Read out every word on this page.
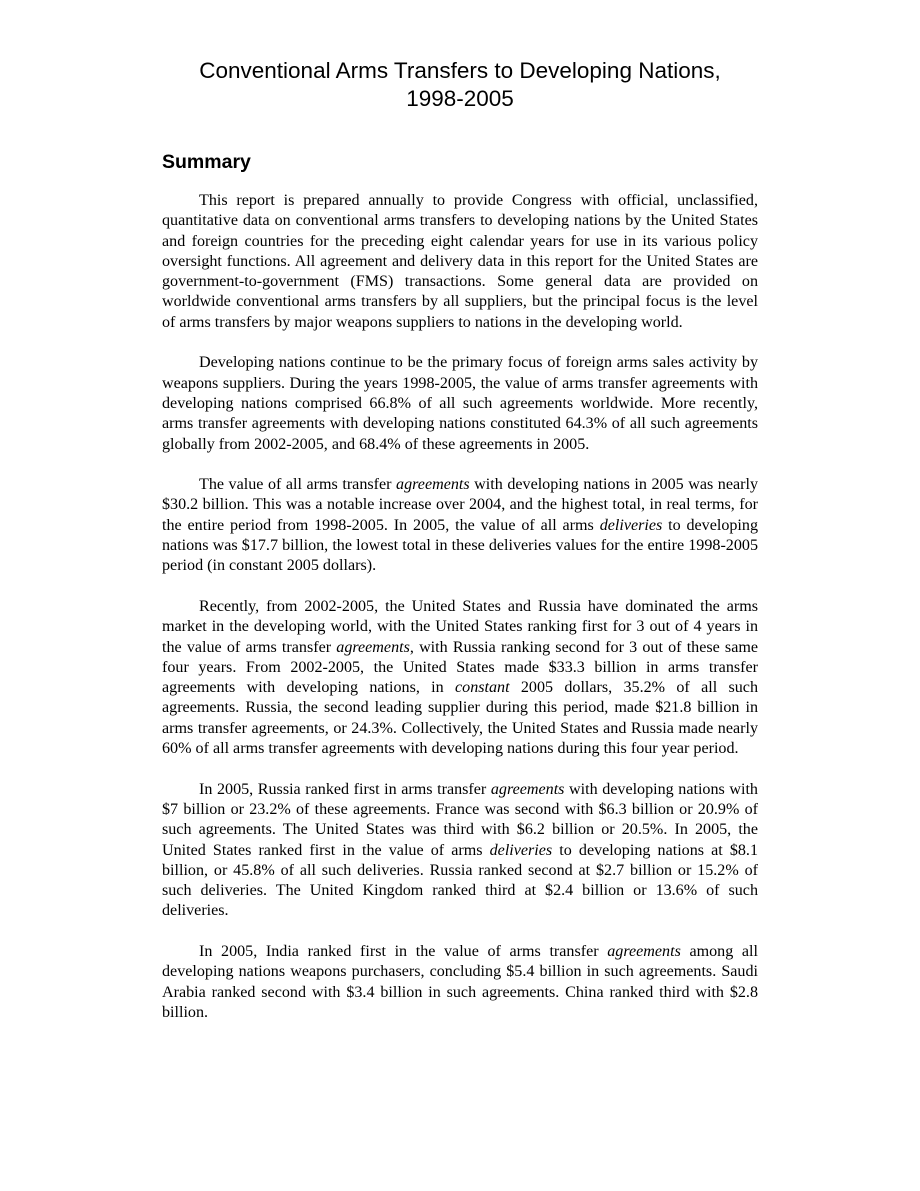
Conventional Arms Transfers to Developing Nations,
1998-2005
Summary

This report is prepared annually to provide Congress with official, unclassified, quantitative data on conventional arms transfers to developing nations by the United States and foreign countries for the preceding eight calendar years for use in its various policy oversight functions. All agreement and delivery data in this report for the United States are government-to-government (FMS) transactions. Some general data are provided on worldwide conventional arms transfers by all suppliers, but the principal focus is the level of arms transfers by major weapons suppliers to nations in the developing world.

Developing nations continue to be the primary focus of foreign arms sales activity by weapons suppliers. During the years 1998-2005, the value of arms transfer agreements with developing nations comprised 66.8% of all such agreements worldwide. More recently, arms transfer agreements with developing nations constituted 64.3% of all such agreements globally from 2002-2005, and 68.4% of these agreements in 2005.

The value of all arms transfer agreements with developing nations in 2005 was nearly $30.2 billion. This was a notable increase over 2004, and the highest total, in real terms, for the entire period from 1998-2005. In 2005, the value of all arms deliveries to developing nations was $17.7 billion, the lowest total in these deliveries values for the entire 1998-2005 period (in constant 2005 dollars).

Recently, from 2002-2005, the United States and Russia have dominated the arms market in the developing world, with the United States ranking first for 3 out of 4 years in the value of arms transfer agreements, with Russia ranking second for 3 out of these same four years. From 2002-2005, the United States made $33.3 billion in arms transfer agreements with developing nations, in constant 2005 dollars, 35.2% of all such agreements. Russia, the second leading supplier during this period, made $21.8 billion in arms transfer agreements, or 24.3%. Collectively, the United States and Russia made nearly 60% of all arms transfer agreements with developing nations during this four year period.

In 2005, Russia ranked first in arms transfer agreements with developing nations with $7 billion or 23.2% of these agreements. France was second with $6.3 billion or 20.9% of such agreements. The United States was third with $6.2 billion or 20.5%. In 2005, the United States ranked first in the value of arms deliveries to developing nations at $8.1 billion, or 45.8% of all such deliveries. Russia ranked second at $2.7 billion or 15.2% of such deliveries. The United Kingdom ranked third at $2.4 billion or 13.6% of such deliveries.

In 2005, India ranked first in the value of arms transfer agreements among all developing nations weapons purchasers, concluding $5.4 billion in such agreements. Saudi Arabia ranked second with $3.4 billion in such agreements. China ranked third with $2.8 billion.
